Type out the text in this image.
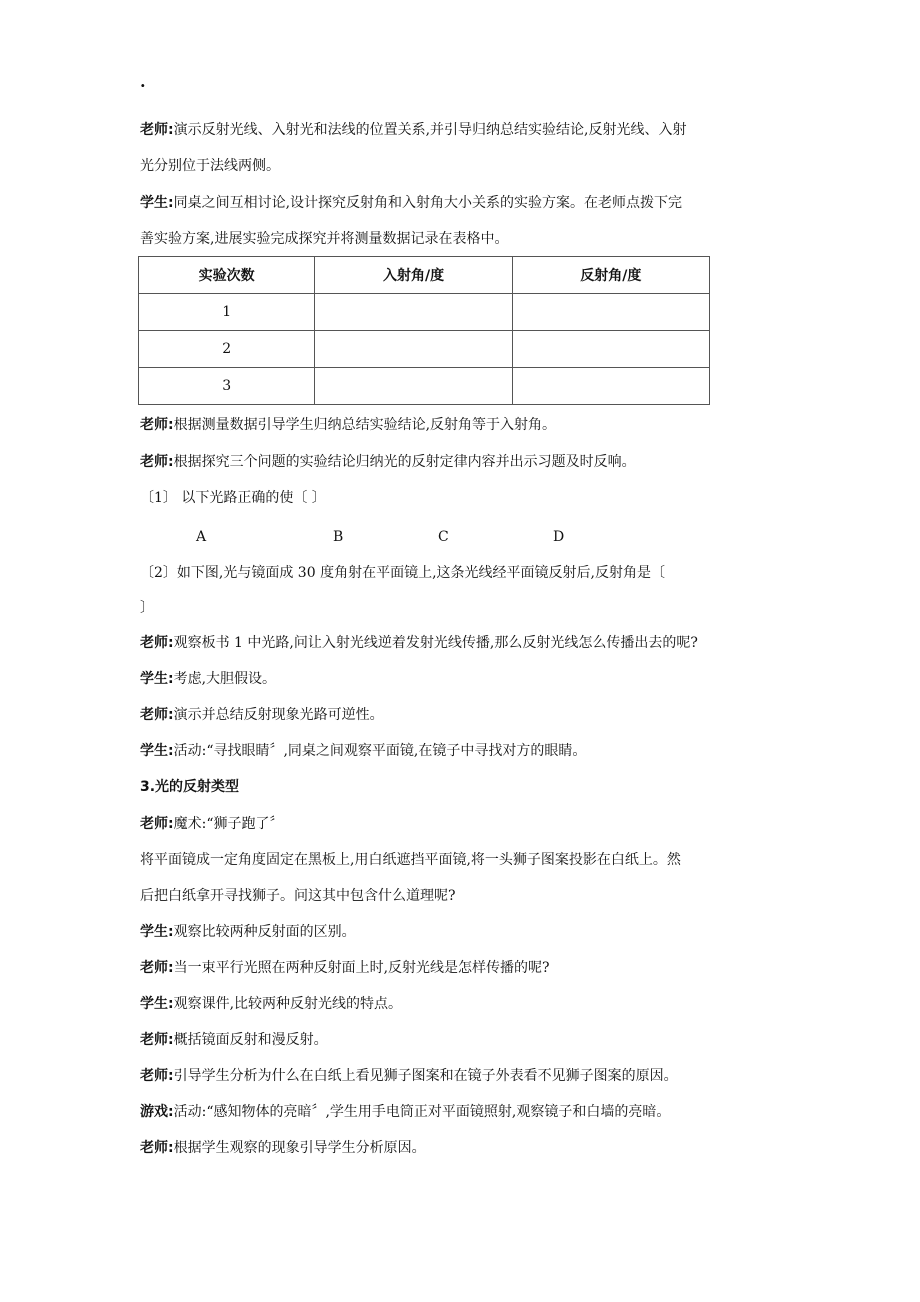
.
老师:演示反射光线、入射光和法线的位置关系,并引导归纳总结实验结论,反射光线、入射
光分别位于法线两侧。
学生:同桌之间互相讨论,设计探究反射角和入射角大小关系的实验方案。在老师点拨下完
善实验方案,进展实验完成探究并将测量数据记录在表格中。
实验次数	入射角/度	反射角/度
1		
2		
3		
老师:根据测量数据引导学生归纳总结实验结论,反射角等于入射角。
老师:根据探究三个问题的实验结论归纳光的反射定律内容并出示习题及时反响。
〔1〕 以下光路正确的使〔 〕
A	B	C	D
〔2〕如下图,光与镜面成 30 度角射在平面镜上,这条光线经平面镜反射后,反射角是〔
〕
老师:观察板书 1 中光路,问让入射光线逆着发射光线传播,那么反射光线怎么传播出去的呢?
学生:考虑,大胆假设。
老师:演示并总结反射现象光路可逆性。
学生:活动:“寻找眼睛〞,同桌之间观察平面镜,在镜子中寻找对方的眼睛。
3.光的反射类型
老师:魔术:“狮子跑了〞
将平面镜成一定角度固定在黑板上,用白纸遮挡平面镜,将一头狮子图案投影在白纸上。然
后把白纸拿开寻找狮子。问这其中包含什么道理呢?
学生:观察比较两种反射面的区别。
老师:当一束平行光照在两种反射面上时,反射光线是怎样传播的呢?
学生:观察课件,比较两种反射光线的特点。
老师:概括镜面反射和漫反射。
老师:引导学生分析为什么在白纸上看见狮子图案和在镜子外表看不见狮子图案的原因。
游戏:活动:“感知物体的亮暗〞,学生用手电筒正对平面镜照射,观察镜子和白墙的亮暗。
老师:根据学生观察的现象引导学生分析原因。
